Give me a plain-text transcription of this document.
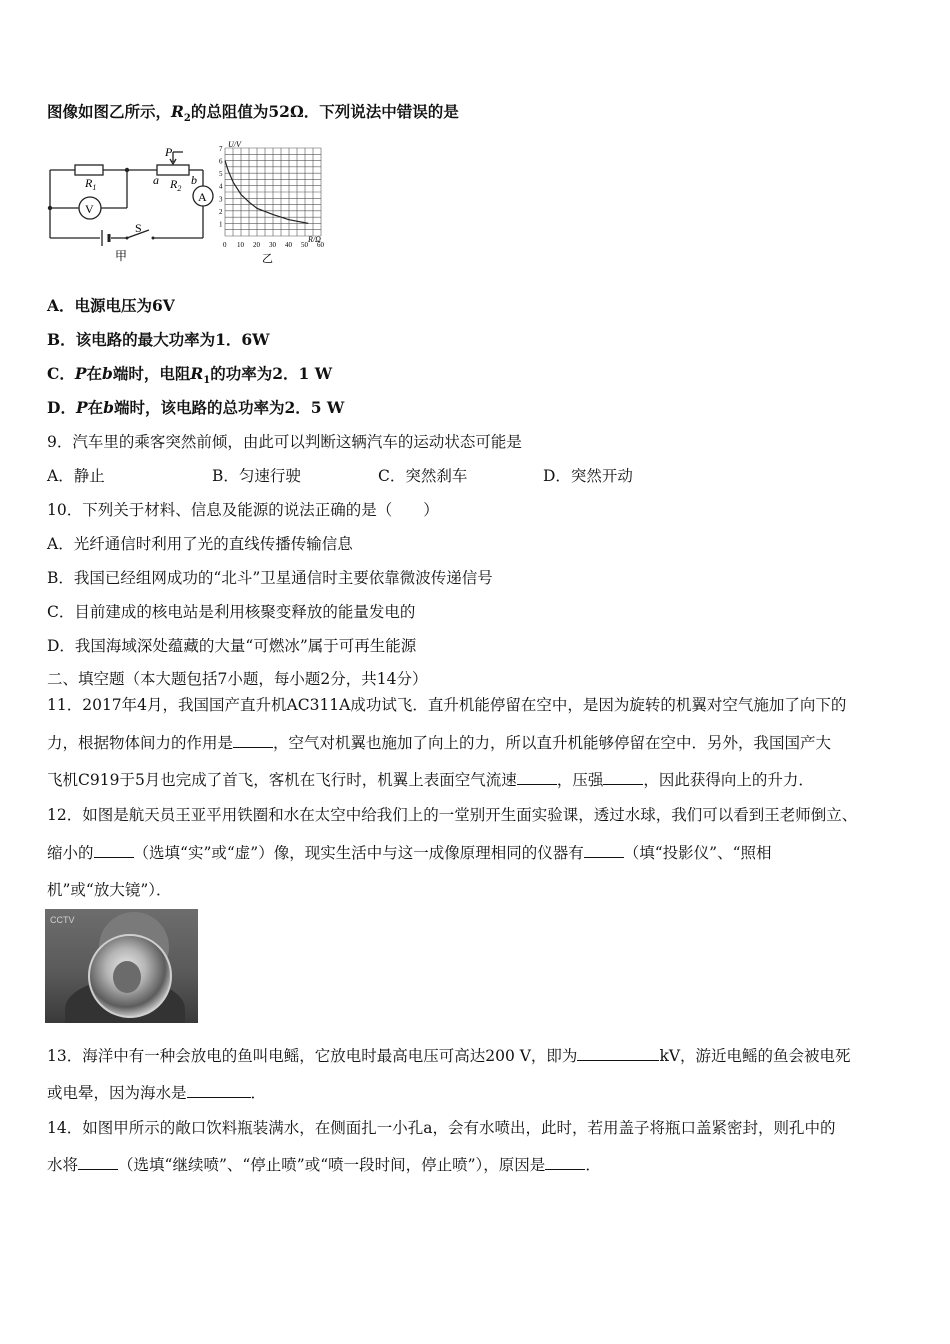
图像如图乙所示，$R_2$的总阻值为52Ω．下列说法中错误的是
$R_1$
P
a $R_2$
b
V
A
S
甲
1
2
3
4
5
6
7
0 10 20 30 40 50 60
U/V
R/Ω
乙
A．电源电压为6V
B．该电路的最大功率为1．6W
C．P在b端时，电阻$R_1$的功率为2．1 W
D．P在b端时，该电路的总功率为2．5 W
9．汽车里的乘客突然前倾，由此可以判断这辆汽车的运动状态可能是
A．静止	B．匀速行驶	C．突然刹车	D．突然开动
10．下列关于材料、信息及能源的说法正确的是（　　）
A．光纤通信时利用了光的直线传播传输信息
B．我国已经组网成功的“北斗”卫星通信时主要依靠微波传递信号
C．目前建成的核电站是利用核聚变释放的能量发电的
D．我国海域深处蕴藏的大量“可燃冰”属于可再生能源
二、填空题（本大题包括7小题，每小题2分，共14分）
11．2017年4月，我国国产直升机AC311A成功试飞．直升机能停留在空中，是因为旋转的机翼对空气施加了向下的
力，根据物体间力的作用是	，空气对机翼也施加了向上的力，所以直升机能够停留在空中．另外，我国国产大
飞机C919于5月也完成了首飞，客机在飞行时，机翼上表面空气流速	，压强	，因此获得向上的升力．
12．如图是航天员王亚平用铁圈和水在太空中给我们上的一堂别开生面实验课，透过水球，我们可以看到王老师倒立、
缩小的	（选填“实”或“虚”）像，现实生活中与这一成像原理相同的仪器有	（填“投影仪”、“照相
机”或“放大镜”）．
CCTV
13．海洋中有一种会放电的鱼叫电鳐，它放电时最高电压可高达200 V，即为	kV，游近电鳐的鱼会被电死
或电晕，因为海水是	．
14．如图甲所示的敞口饮料瓶装满水，在侧面扎一小孔a，会有水喷出，此时，若用盖子将瓶口盖紧密封，则孔中的
水将	（选填“继续喷”、“停止喷”或“喷一段时间，停止喷”），原因是	．
